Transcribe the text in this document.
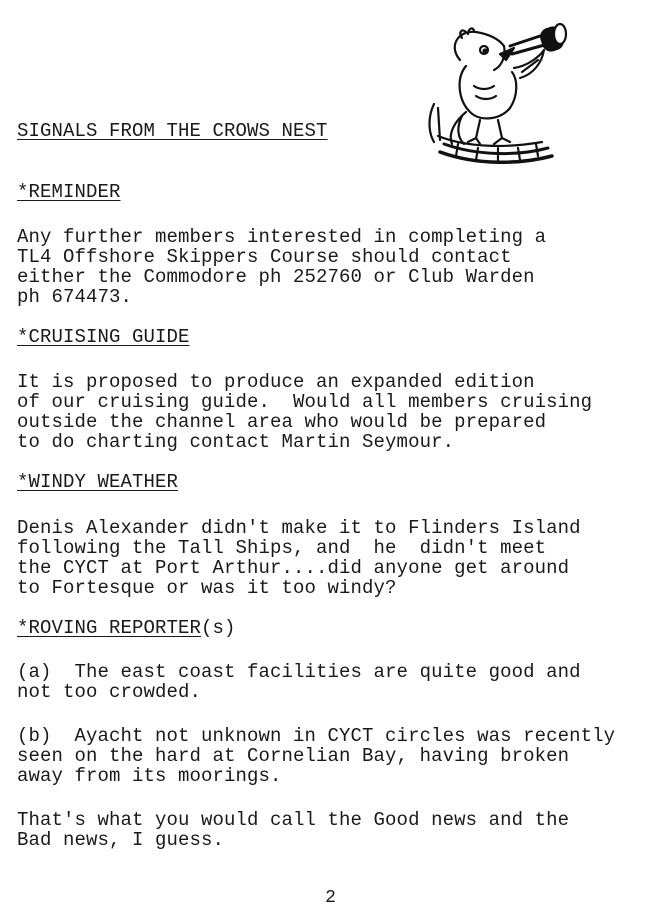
SIGNALS FROM THE CROWS NEST

*REMINDER

Any further members interested in completing a
TL4 Offshore Skippers Course should contact
either the Commodore ph 252760 or Club Warden
ph 674473.

*CRUISING GUIDE

It is proposed to produce an expanded edition
of our cruising guide.  Would all members cruising
outside the channel area who would be prepared
to do charting contact Martin Seymour.

*WINDY WEATHER

Denis Alexander didn't make it to Flinders Island
following the Tall Ships, and  he  didn't meet
the CYCT at Port Arthur....did anyone get around
to Fortesque or was it too windy?

*ROVING REPORTER(s)

(a)  The east coast facilities are quite good and
not too crowded.

(b)  Ayacht not unknown in CYCT circles was recently
seen on the hard at Cornelian Bay, having broken
away from its moorings.

That's what you would call the Good news and the
Bad news, I guess.

2
